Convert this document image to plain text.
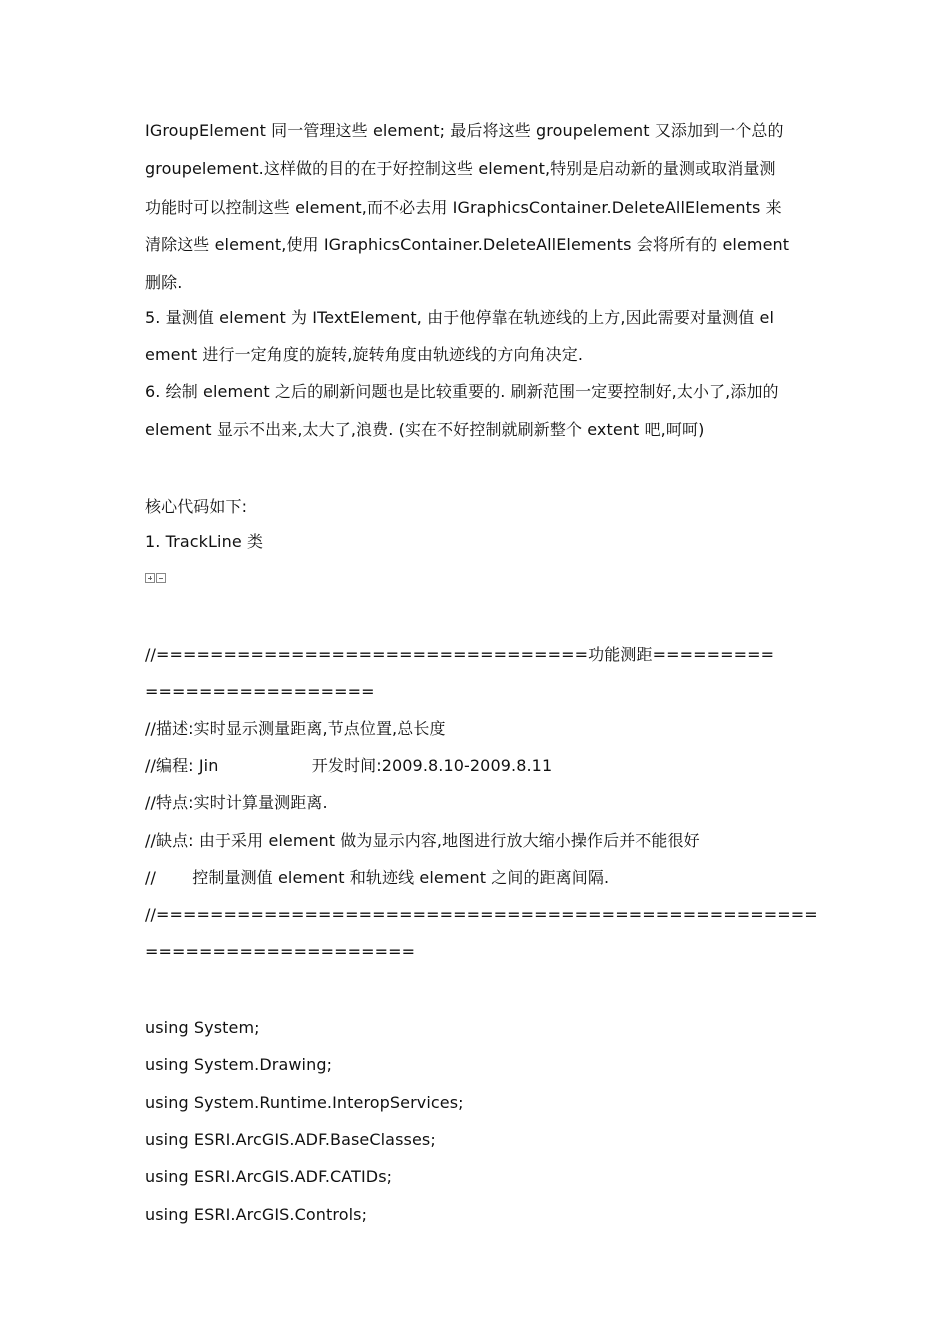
IGroupElement 同一管理这些 element; 最后将这些 groupelement 又添加到一个总的
groupelement.这样做的目的在于好控制这些 element,特别是启动新的量测或取消量测
功能时可以控制这些 element,而不必去用 IGraphicsContainer.DeleteAllElements 来
清除这些 element,使用 IGraphicsContainer.DeleteAllElements 会将所有的 element
删除.
5. 量测值 element 为 ITextElement, 由于他停靠在轨迹线的上方,因此需要对量测值 el
ement 进行一定角度的旋转,旋转角度由轨迹线的方向角决定.
6. 绘制 element 之后的刷新问题也是比较重要的. 刷新范围一定要控制好,太小了,添加的
element 显示不出来,太大了,浪费. (实在不好控制就刷新整个 extent 吧,呵呵)
核心代码如下:
1. TrackLine 类
//================================功能测距=========
=================
//描述:实时显示测量距离,节点位置,总长度
//编程: Jin                  开发时间:2009.8.10-2009.8.11
//特点:实时计算量测距离.
//缺点: 由于采用 element 做为显示内容,地图进行放大缩小操作后并不能很好
//       控制量测值 element 和轨迹线 element 之间的距离间隔.
//=================================================
====================
using System;
using System.Drawing;
using System.Runtime.InteropServices;
using ESRI.ArcGIS.ADF.BaseClasses;
using ESRI.ArcGIS.ADF.CATIDs;
using ESRI.ArcGIS.Controls;
